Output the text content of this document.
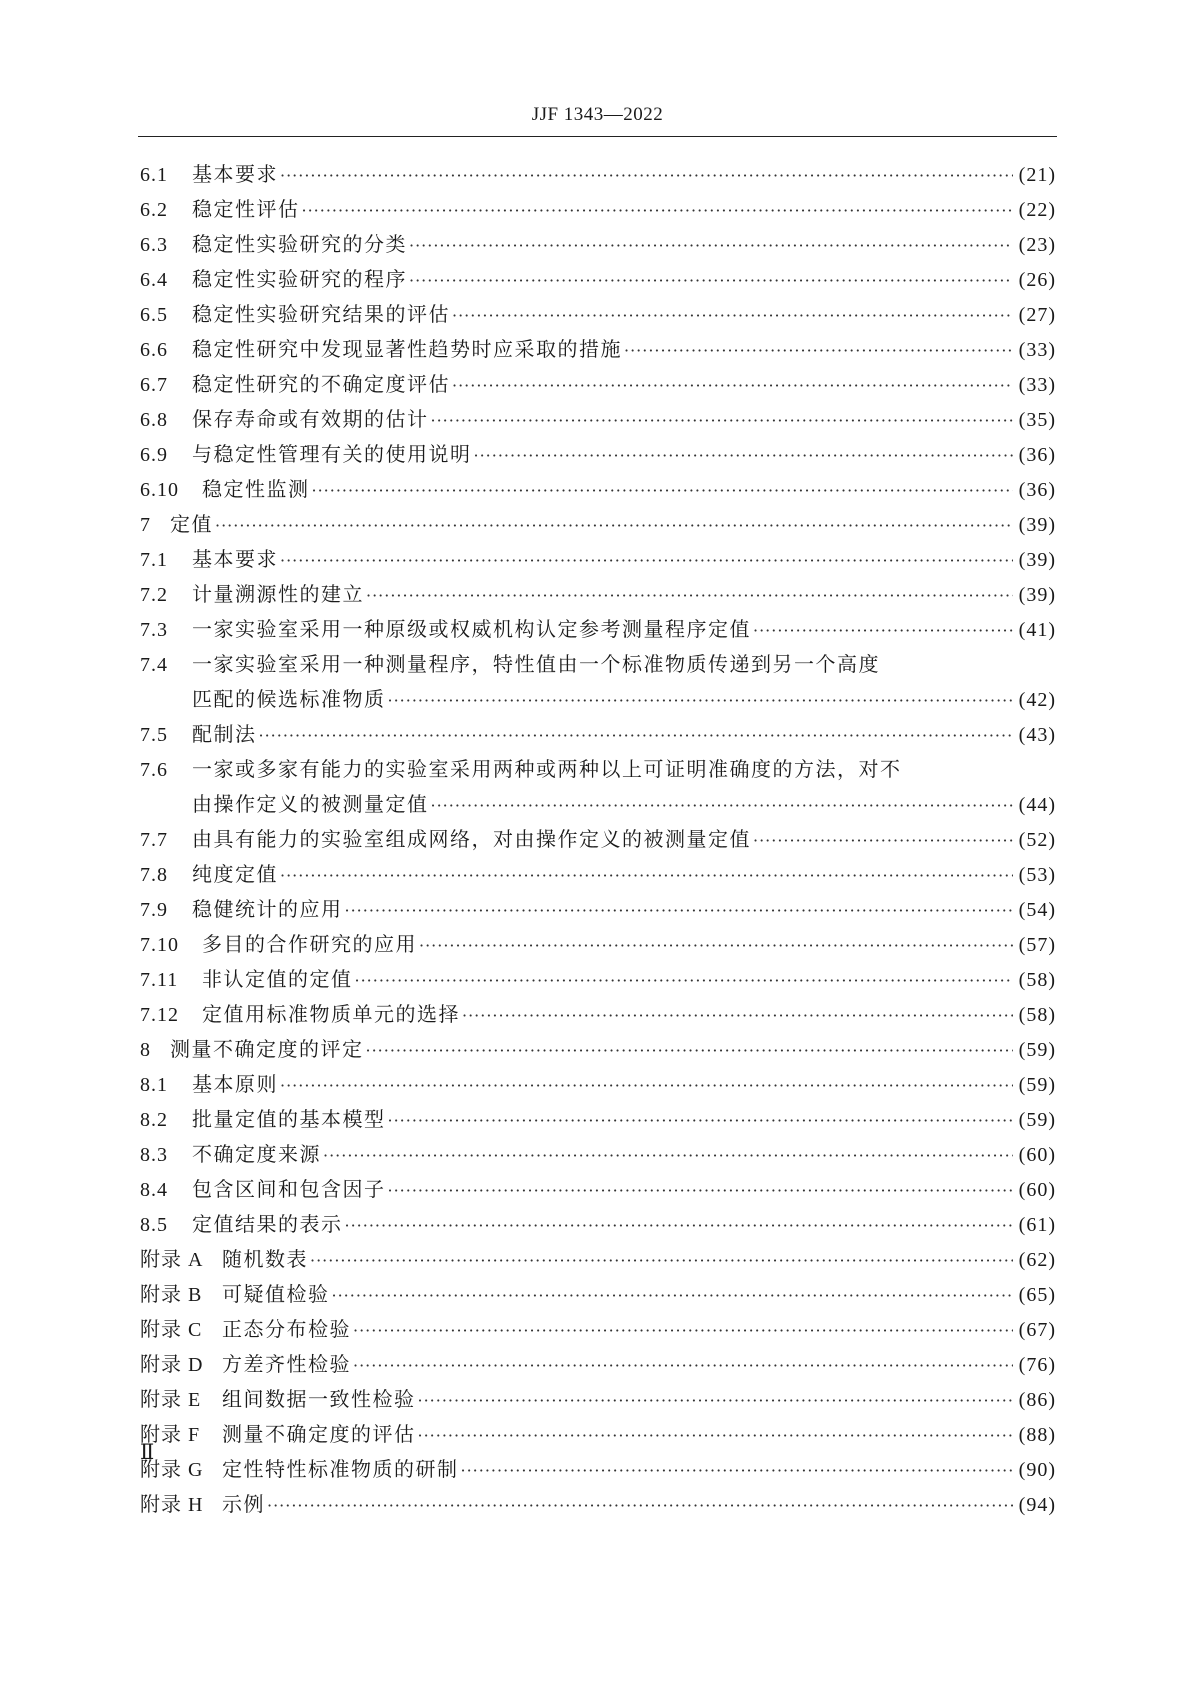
JJF 1343—2022
6.1	基本要求 ·····	(21)
6.2	稳定性评估 ·····	(22)
6.3	稳定性实验研究的分类 ·····	(23)
6.4	稳定性实验研究的程序 ·····	(26)
6.5	稳定性实验研究结果的评估 ·····	(27)
6.6	稳定性研究中发现显著性趋势时应采取的措施 ·····	(33)
6.7	稳定性研究的不确定度评估 ·····	(33)
6.8	保存寿命或有效期的估计 ·····	(35)
6.9	与稳定性管理有关的使用说明 ·····	(36)
6.10	稳定性监测 ·····	(36)
7 定值 ·····	(39)
7.1	基本要求 ·····	(39)
7.2	计量溯源性的建立 ·····	(39)
7.3	一家实验室采用一种原级或权威机构认定参考测量程序定值 ·····	(41)
7.4	一家实验室采用一种测量程序，特性值由一个标准物质传递到另一个高度
匹配的候选标准物质 ·····	(42)
7.5	配制法 ·····	(43)
7.6	一家或多家有能力的实验室采用两种或两种以上可证明准确度的方法，对不
由操作定义的被测量定值 ·····	(44)
7.7	由具有能力的实验室组成网络，对由操作定义的被测量定值 ·····	(52)
7.8	纯度定值 ·····	(53)
7.9	稳健统计的应用 ·····	(54)
7.10	多目的合作研究的应用 ·····	(57)
7.11	非认定值的定值 ·····	(58)
7.12	定值用标准物质单元的选择 ·····	(58)
8 测量不确定度的评定 ·····	(59)
8.1	基本原则 ·····	(59)
8.2	批量定值的基本模型 ·····	(59)
8.3	不确定度来源 ·····	(60)
8.4	包含区间和包含因子 ·····	(60)
8.5	定值结果的表示 ·····	(61)
附录 A 随机数表 ·····	(62)
附录 B 可疑值检验 ·····	(65)
附录 C 正态分布检验 ·····	(67)
附录 D 方差齐性检验 ·····	(76)
附录 E	组间数据一致性检验 ·····	(86)
附录 F	测量不确定度的评估 ·····	(88)
附录 G 定性特性标准物质的研制 ·····	(90)
附录 H 示例 ·····	(94)
Ⅱ
